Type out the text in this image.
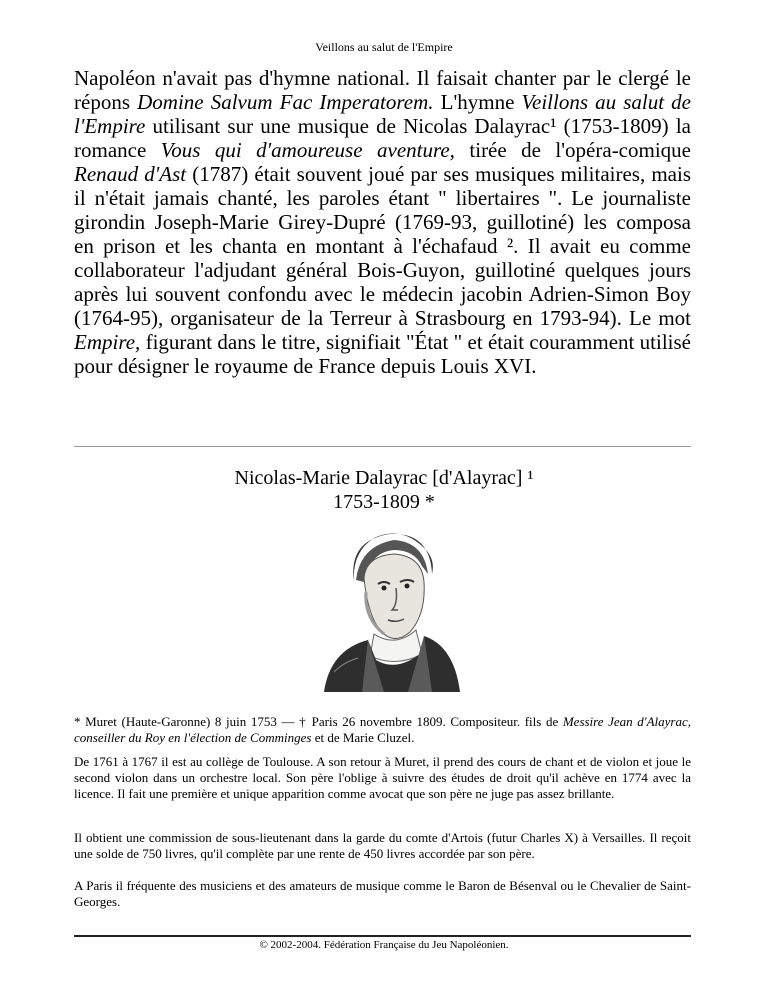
Veillons au salut de l'Empire

Napoléon n'avait pas d'hymne national. Il faisait chanter par le clergé le répons Domine Salvum Fac Imperatorem. L'hymne Veillons au salut de l'Empire utilisant sur une musique de Nicolas Dalayrac¹ (1753-1809) la romance Vous qui d'amoureuse aventure, tirée de l'opéra-comique Renaud d'Ast (1787) était souvent joué par ses musiques militaires, mais il n'était jamais chanté, les paroles étant " libertaires ". Le journaliste girondin Joseph-Marie Girey-Dupré (1769-93, guillotiné) les composa en prison et les chanta en montant à l'échafaud ². Il avait eu comme collaborateur l'adjudant général Bois-Guyon, guillotiné quelques jours après lui souvent confondu avec le médecin jacobin Adrien-Simon Boy (1764-95), organisateur de la Terreur à Strasbourg en 1793-94). Le mot Empire, figurant dans le titre, signifiait "État " et était couramment utilisé pour désigner le royaume de France depuis Louis XVI.

Nicolas-Marie Dalayrac [d'Alayrac] ¹
1753-1809 *

* Muret (Haute-Garonne) 8 juin 1753 — † Paris 26 novembre 1809. Compositeur. fils de Messire Jean d'Alayrac, conseiller du Roy en l'élection de Comminges et de Marie Cluzel.

De 1761 à 1767 il est au collège de Toulouse. A son retour à Muret, il prend des cours de chant et de violon et joue le second violon dans un orchestre local. Son père l'oblige à suivre des études de droit qu'il achève en 1774 avec la licence. Il fait une première et unique apparition comme avocat que son père ne juge pas assez brillante.

Il obtient une commission de sous-lieutenant dans la garde du comte d'Artois (futur Charles X) à Versailles. Il reçoit une solde de 750 livres, qu'il complète par une rente de 450 livres accordée par son père.

A Paris il fréquente des musiciens et des amateurs de musique comme le Baron de Bésenval ou le Chevalier de Saint-Georges.

© 2002-2004. Fédération Française du Jeu Napoléonien.
